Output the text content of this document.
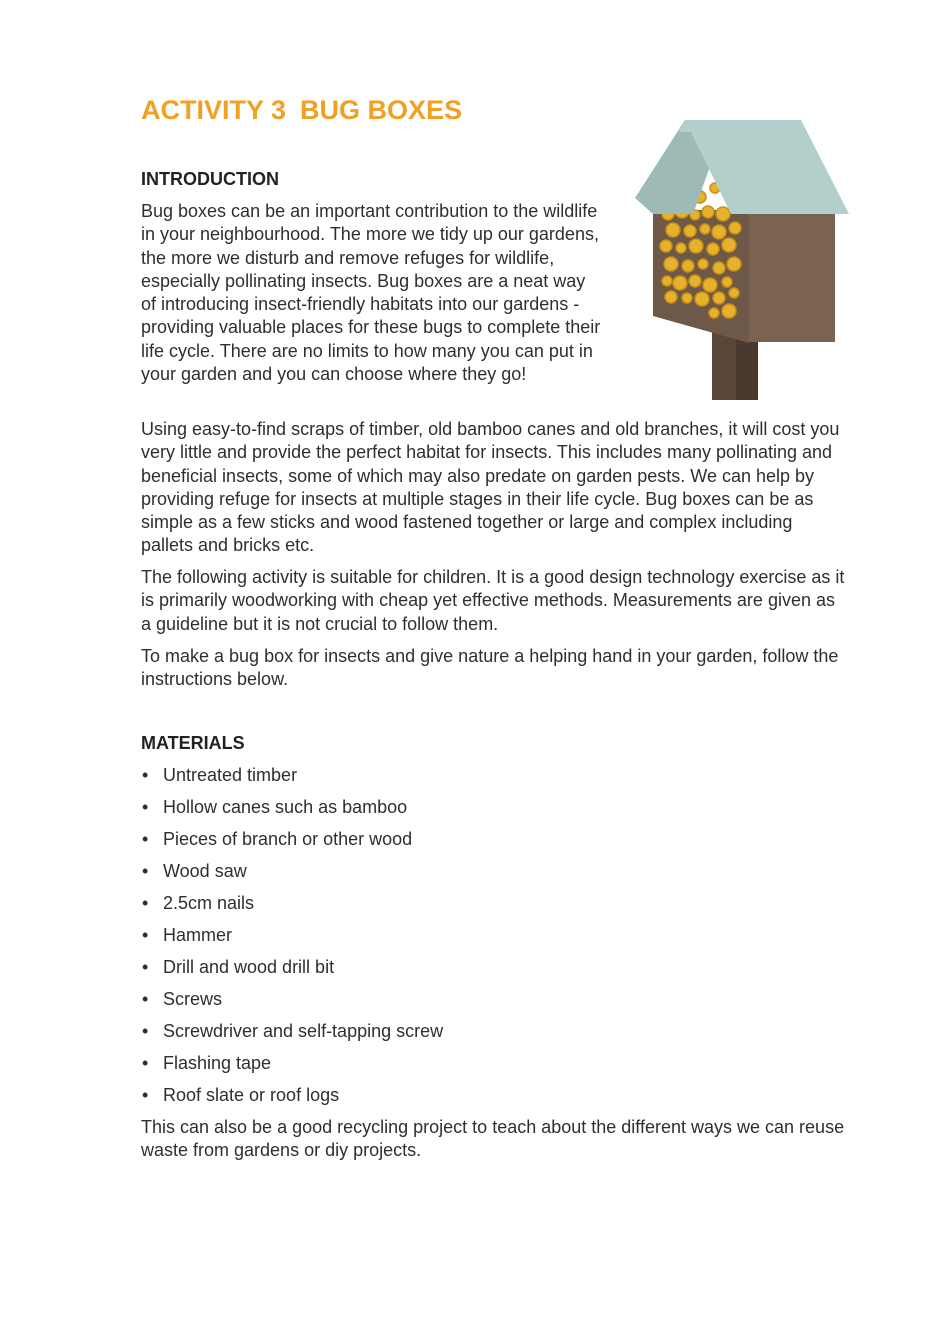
ACTIVITY 3 BUG BOXES
INTRODUCTION

Bug boxes can be an important contribution to the wildlife in your neighbourhood. The more we tidy up our gardens, the more we disturb and remove refuges for wildlife, especially pollinating insects. Bug boxes are a neat way of introducing insect-friendly habitats into our gardens - providing valuable places for these bugs to complete their life cycle. There are no limits to how many you can put in your garden and you can choose where they go!

Using easy-to-find scraps of timber, old bamboo canes and old branches, it will cost you very little and provide the perfect habitat for insects. This includes many pollinating and beneficial insects, some of which may also predate on garden pests. We can help by providing refuge for insects at multiple stages in their life cycle. Bug boxes can be as simple as a few sticks and wood fastened together or large and complex including pallets and bricks etc.

The following activity is suitable for children. It is a good design technology exercise as it is primarily woodworking with cheap yet effective methods. Measurements are given as a guideline but it is not crucial to follow them.

To make a bug box for insects and give nature a helping hand in your garden, follow the instructions below.

MATERIALS
• Untreated timber
• Hollow canes such as bamboo
• Pieces of branch or other wood
• Wood saw
• 2.5cm nails
• Hammer
• Drill and wood drill bit
• Screws
• Screwdriver and self-tapping screw
• Flashing tape
• Roof slate or roof logs

This can also be a good recycling project to teach about the different ways we can reuse waste from gardens or diy projects.
